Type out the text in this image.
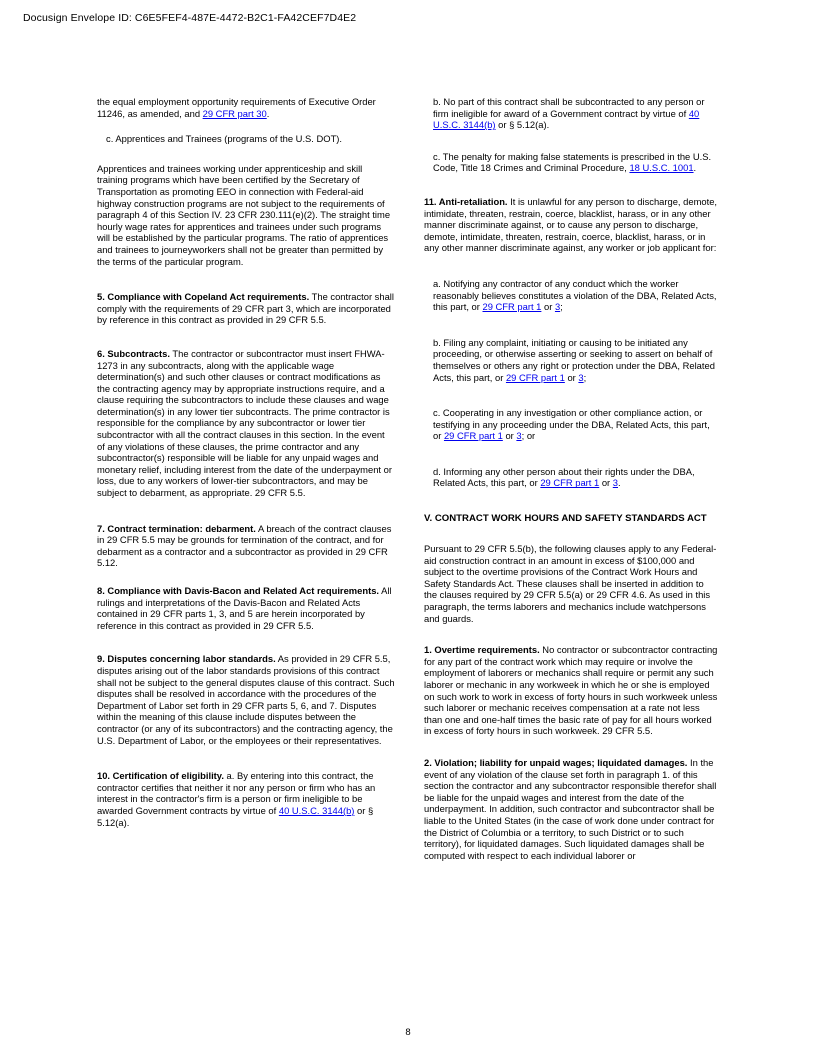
Docusign Envelope ID: C6E5FEF4-487E-4472-B2C1-FA42CEF7D4E2

the equal employment opportunity requirements of Executive Order 11246, as amended, and 29 CFR part 30.

c. Apprentices and Trainees (programs of the U.S. DOT).

Apprentices and trainees working under apprenticeship and skill training programs which have been certified by the Secretary of Transportation as promoting EEO in connection with Federal-aid highway construction programs are not subject to the requirements of paragraph 4 of this Section IV. 23 CFR 230.111(e)(2). The straight time hourly wage rates for apprentices and trainees under such programs will be established by the particular programs. The ratio of apprentices and trainees to journeyworkers shall not be greater than permitted by the terms of the particular program.

5. Compliance with Copeland Act requirements. The contractor shall comply with the requirements of 29 CFR part 3, which are incorporated by reference in this contract as provided in 29 CFR 5.5.

6. Subcontracts. The contractor or subcontractor must insert FHWA-1273 in any subcontracts, along with the applicable wage determination(s) and such other clauses or contract modifications as the contracting agency may by appropriate instructions require, and a clause requiring the subcontractors to include these clauses and wage determination(s) in any lower tier subcontracts. The prime contractor is responsible for the compliance by any subcontractor or lower tier subcontractor with all the contract clauses in this section. In the event of any violations of these clauses, the prime contractor and any subcontractor(s) responsible will be liable for any unpaid wages and monetary relief, including interest from the date of the underpayment or loss, due to any workers of lower-tier subcontractors, and may be subject to debarment, as appropriate. 29 CFR 5.5.

7. Contract termination: debarment. A breach of the contract clauses in 29 CFR 5.5 may be grounds for termination of the contract, and for debarment as a contractor and a subcontractor as provided in 29 CFR 5.12.

8. Compliance with Davis-Bacon and Related Act requirements. All rulings and interpretations of the Davis-Bacon and Related Acts contained in 29 CFR parts 1, 3, and 5 are herein incorporated by reference in this contract as provided in 29 CFR 5.5.

9. Disputes concerning labor standards. As provided in 29 CFR 5.5, disputes arising out of the labor standards provisions of this contract shall not be subject to the general disputes clause of this contract. Such disputes shall be resolved in accordance with the procedures of the Department of Labor set forth in 29 CFR parts 5, 6, and 7. Disputes within the meaning of this clause include disputes between the contractor (or any of its subcontractors) and the contracting agency, the U.S. Department of Labor, or the employees or their representatives.

10. Certification of eligibility. a. By entering into this contract, the contractor certifies that neither it nor any person or firm who has an interest in the contractor's firm is a person or firm ineligible to be awarded Government contracts by virtue of 40 U.S.C. 3144(b) or § 5.12(a).

b. No part of this contract shall be subcontracted to any person or firm ineligible for award of a Government contract by virtue of 40 U.S.C. 3144(b) or § 5.12(a).

c. The penalty for making false statements is prescribed in the U.S. Code, Title 18 Crimes and Criminal Procedure, 18 U.S.C. 1001.

11. Anti-retaliation. It is unlawful for any person to discharge, demote, intimidate, threaten, restrain, coerce, blacklist, harass, or in any other manner discriminate against, or to cause any person to discharge, demote, intimidate, threaten, restrain, coerce, blacklist, harass, or in any other manner discriminate against, any worker or job applicant for:

a. Notifying any contractor of any conduct which the worker reasonably believes constitutes a violation of the DBA, Related Acts, this part, or 29 CFR part 1 or 3;

b. Filing any complaint, initiating or causing to be initiated any proceeding, or otherwise asserting or seeking to assert on behalf of themselves or others any right or protection under the DBA, Related Acts, this part, or 29 CFR part 1 or 3;

c. Cooperating in any investigation or other compliance action, or testifying in any proceeding under the DBA, Related Acts, this part, or 29 CFR part 1 or 3; or

d. Informing any other person about their rights under the DBA, Related Acts, this part, or 29 CFR part 1 or 3.

V. CONTRACT WORK HOURS AND SAFETY STANDARDS ACT

Pursuant to 29 CFR 5.5(b), the following clauses apply to any Federal-aid construction contract in an amount in excess of $100,000 and subject to the overtime provisions of the Contract Work Hours and Safety Standards Act. These clauses shall be inserted in addition to the clauses required by 29 CFR 5.5(a) or 29 CFR 4.6. As used in this paragraph, the terms laborers and mechanics include watchpersons and guards.

1. Overtime requirements. No contractor or subcontractor contracting for any part of the contract work which may require or involve the employment of laborers or mechanics shall require or permit any such laborer or mechanic in any workweek in which he or she is employed on such work to work in excess of forty hours in such workweek unless such laborer or mechanic receives compensation at a rate not less than one and one-half times the basic rate of pay for all hours worked in excess of forty hours in such workweek. 29 CFR 5.5.

2. Violation; liability for unpaid wages; liquidated damages. In the event of any violation of the clause set forth in paragraph 1. of this section the contractor and any subcontractor responsible therefor shall be liable for the unpaid wages and interest from the date of the underpayment. In addition, such contractor and subcontractor shall be liable to the United States (in the case of work done under contract for the District of Columbia or a territory, to such District or to such territory), for liquidated damages. Such liquidated damages shall be computed with respect to each individual laborer or

8
